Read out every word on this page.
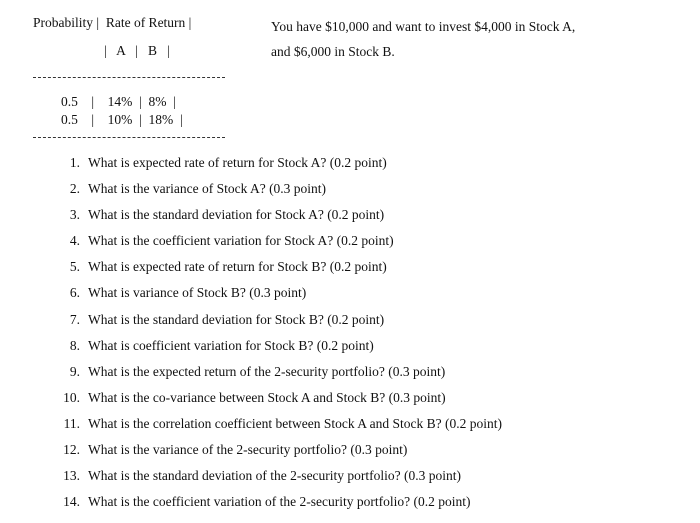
Probability |  Rate of Return |
|   A   |   B   |
You have $10,000 and want to invest $4,000 in Stock A,
and $6,000 in Stock B.
0.5    |    14%  |  8%  |
0.5    |    10%  |  18%  |
1. What is expected rate of return for Stock A? (0.2 point)
2. What is the variance of Stock A? (0.3 point)
3. What is the standard deviation for Stock A? (0.2 point)
4. What is the coefficient variation for Stock A? (0.2 point)
5. What is expected rate of return for Stock B? (0.2 point)
6. What is variance of Stock B? (0.3 point)
7. What is the standard deviation for Stock B? (0.2 point)
8. What is coefficient variation for Stock B? (0.2 point)
9. What is the expected return of the 2-security portfolio? (0.3 point)
10. What is the co-variance between Stock A and Stock B? (0.3 point)
11. What is the correlation coefficient between Stock A and Stock B? (0.2 point)
12. What is the variance of the 2-security portfolio? (0.3 point)
13. What is the standard deviation of the 2-security portfolio? (0.3 point)
14. What is the coefficient variation of the 2-security portfolio? (0.2 point)
